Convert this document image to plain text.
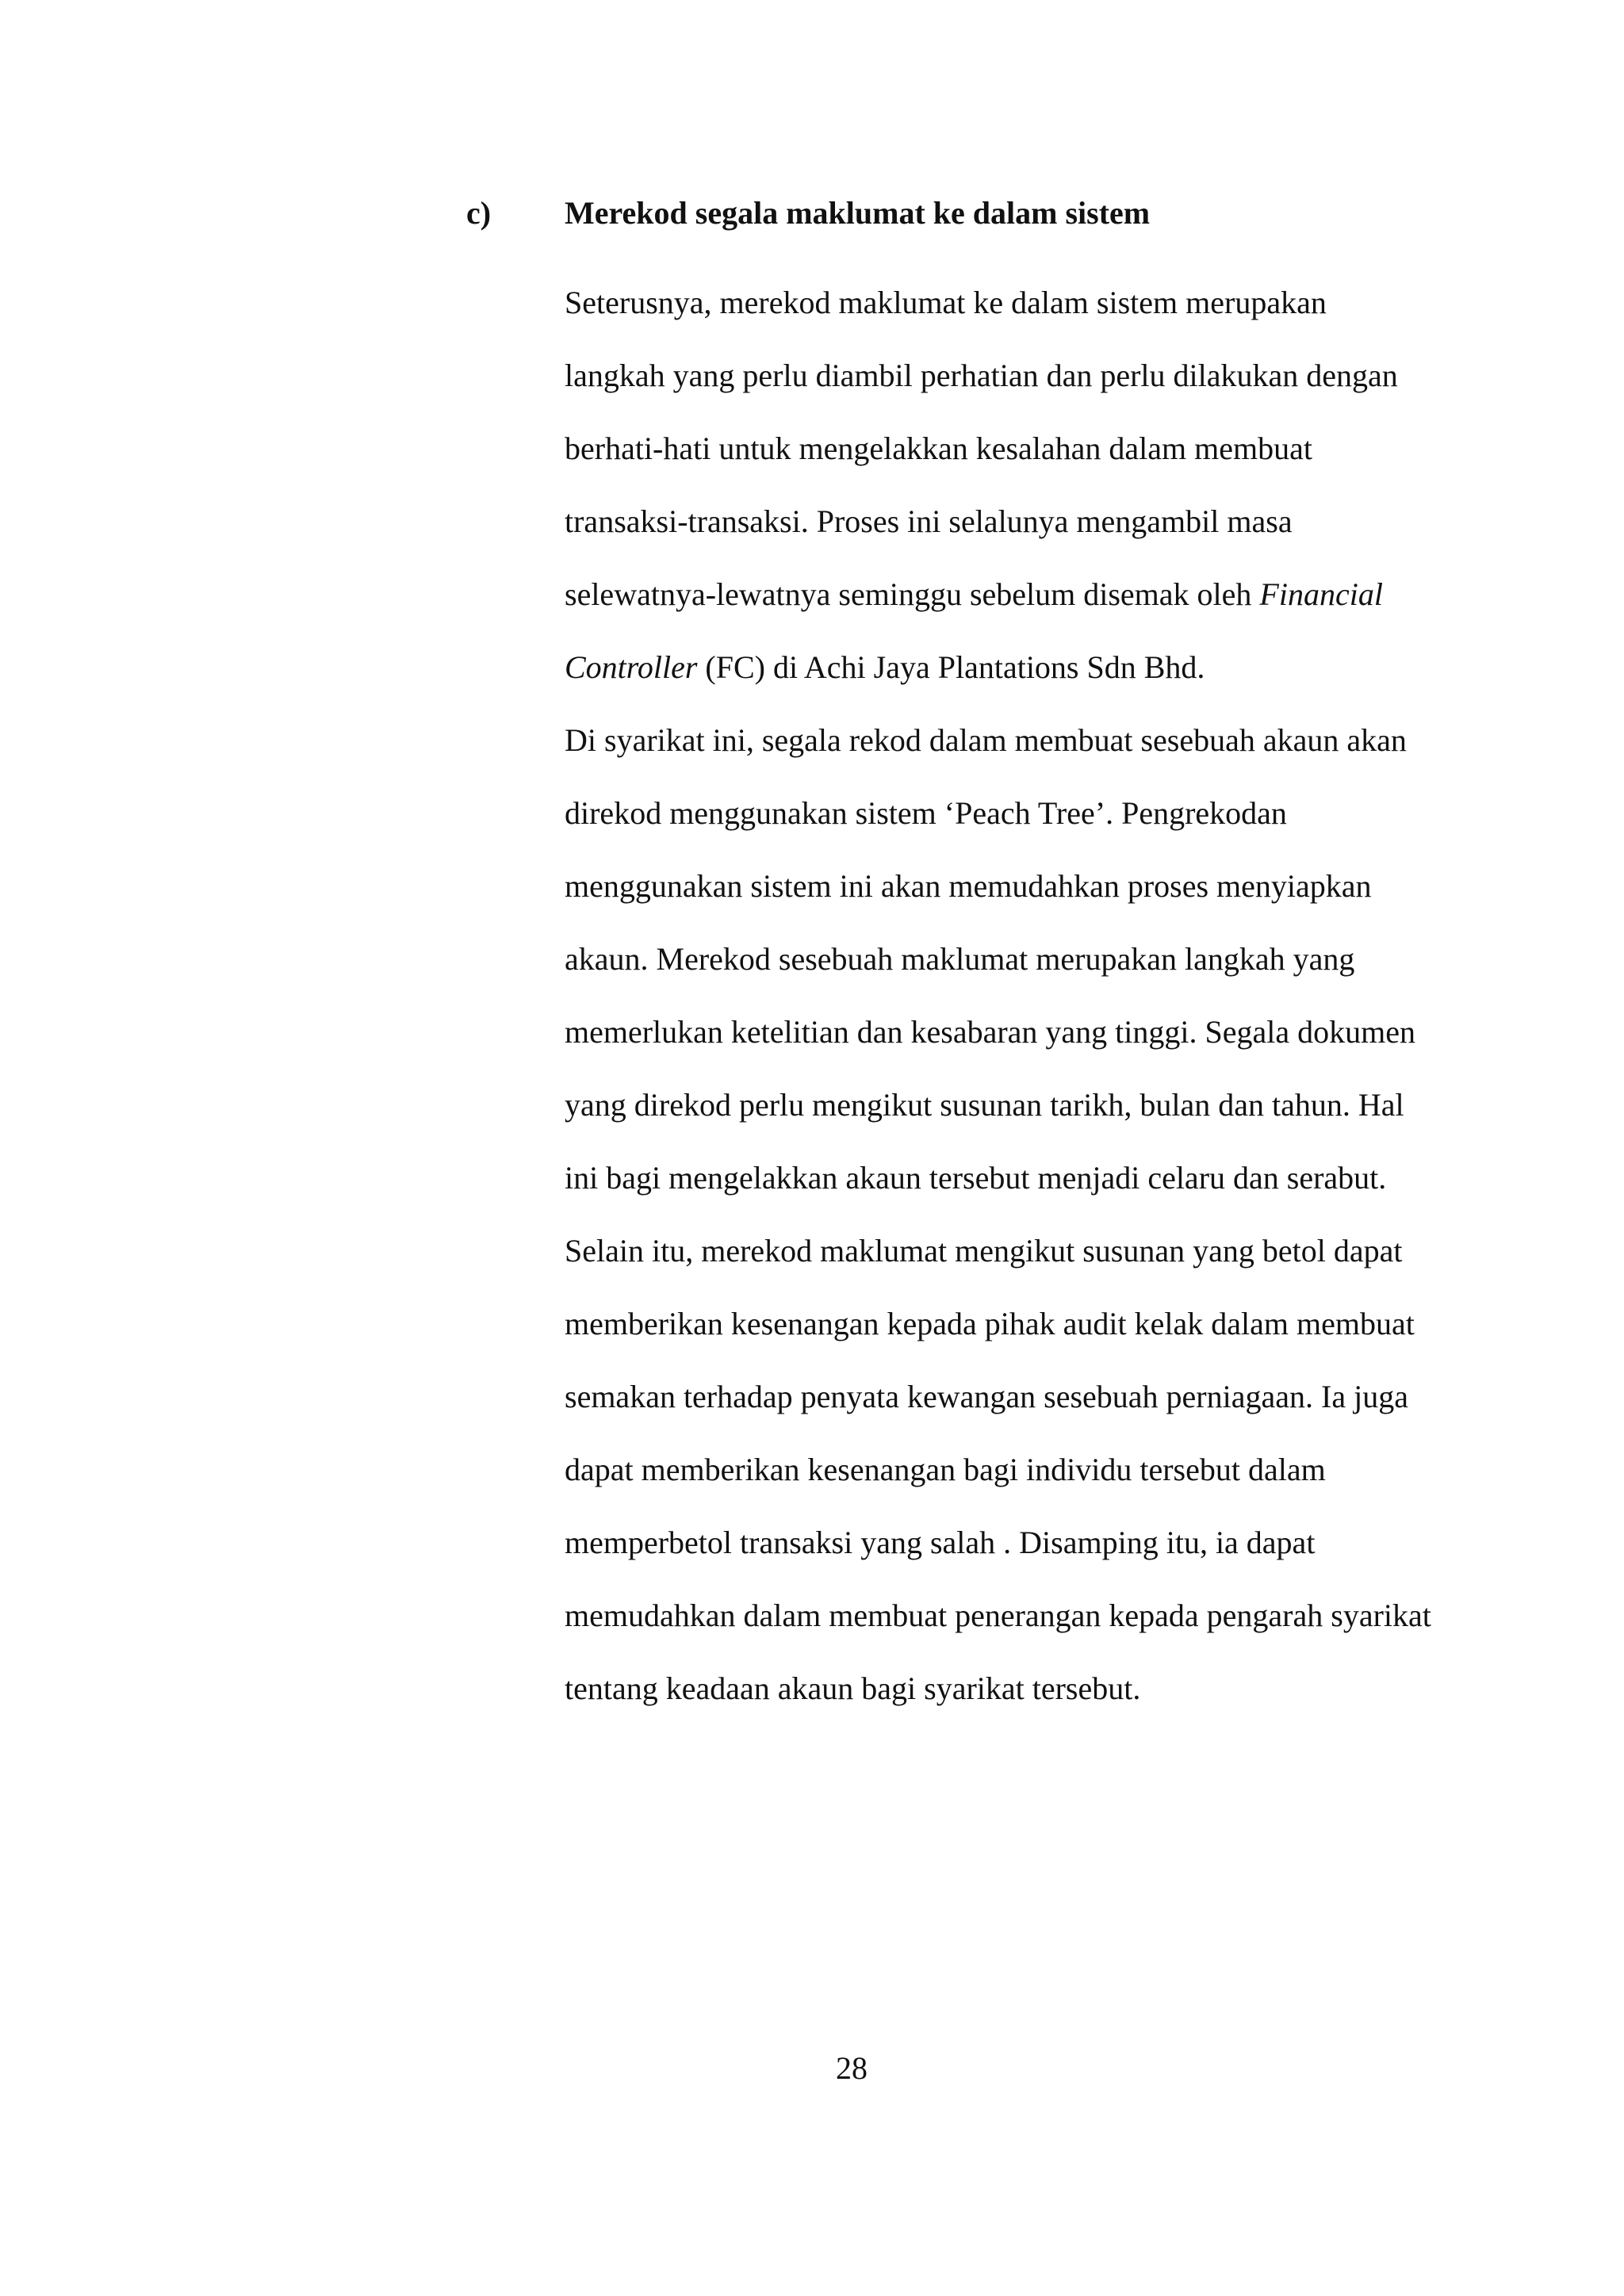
c) Merekod segala maklumat ke dalam sistem
Seterusnya, merekod maklumat ke dalam sistem merupakan
langkah yang perlu diambil perhatian dan perlu dilakukan dengan
berhati-hati untuk mengelakkan kesalahan dalam membuat
transaksi-transaksi. Proses ini selalunya mengambil masa
selewatnya-lewatnya seminggu sebelum disemak oleh Financial
Controller (FC) di Achi Jaya Plantations Sdn Bhd.
Di syarikat ini, segala rekod dalam membuat sesebuah akaun akan
direkod menggunakan sistem ‘Peach Tree’. Pengrekodan
menggunakan sistem ini akan memudahkan proses menyiapkan
akaun. Merekod sesebuah maklumat merupakan langkah yang
memerlukan ketelitian dan kesabaran yang tinggi. Segala dokumen
yang direkod perlu mengikut susunan tarikh, bulan dan tahun. Hal
ini bagi mengelakkan akaun tersebut menjadi celaru dan serabut.
Selain itu, merekod maklumat mengikut susunan yang betol dapat
memberikan kesenangan kepada pihak audit kelak dalam membuat
semakan terhadap penyata kewangan sesebuah perniagaan. Ia juga
dapat memberikan kesenangan bagi individu tersebut dalam
memperbetol transaksi yang salah . Disamping itu, ia dapat
memudahkan dalam membuat penerangan kepada pengarah syarikat
tentang keadaan akaun bagi syarikat tersebut.
28
